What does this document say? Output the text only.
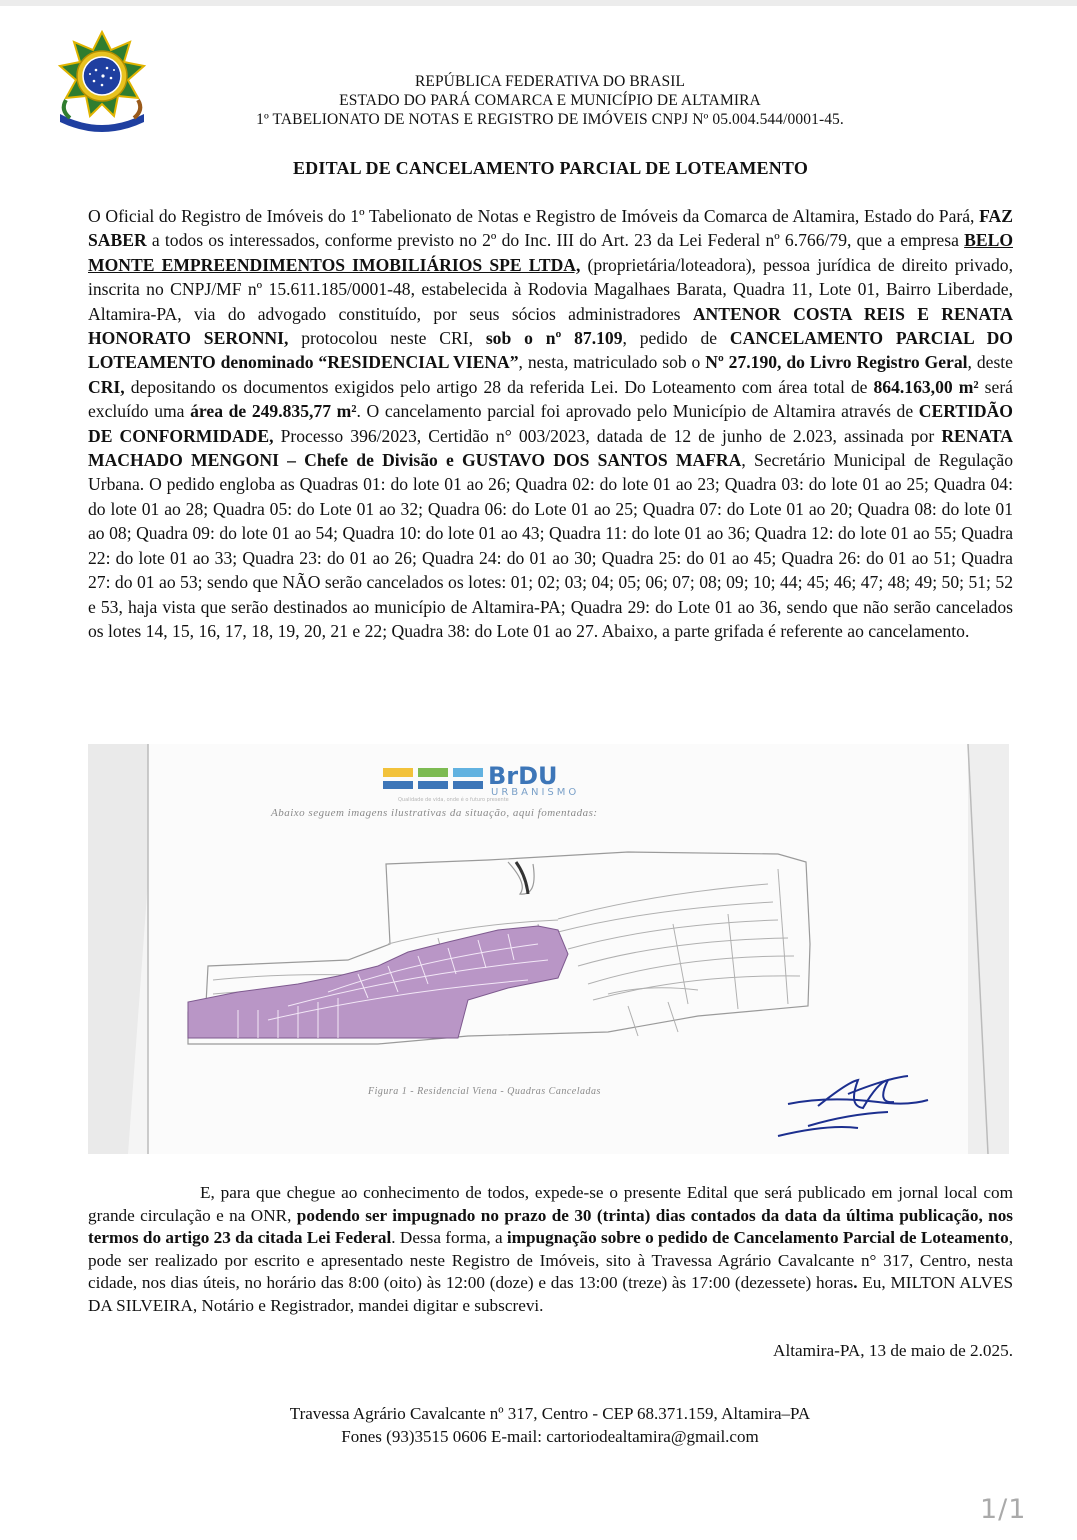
REPÚBLICA FEDERATIVA DO BRASIL
ESTADO DO PARÁ COMARCA E MUNICÍPIO DE ALTAMIRA
1º TABELIONATO DE NOTAS E REGISTRO DE IMÓVEIS CNPJ Nº 05.004.544/0001-45.
EDITAL DE CANCELAMENTO PARCIAL DE LOTEAMENTO
O Oficial do Registro de Imóveis do 1º Tabelionato de Notas e Registro de Imóveis da Comarca de Altamira, Estado do Pará, FAZ SABER a todos os interessados, conforme previsto no 2º do Inc. III do Art. 23 da Lei Federal nº 6.766/79, que a empresa BELO MONTE EMPREENDIMENTOS IMOBILIÁRIOS SPE LTDA, (proprietária/loteadora), pessoa jurídica de direito privado, inscrita no CNPJ/MF nº 15.611.185/0001-48, estabelecida à Rodovia Magalhaes Barata, Quadra 11, Lote 01, Bairro Liberdade, Altamira-PA, via do advogado constituído, por seus sócios administradores ANTENOR COSTA REIS E RENATA HONORATO SERONNI, protocolou neste CRI, sob o nº 87.109, pedido de CANCELAMENTO PARCIAL DO LOTEAMENTO denominado “RESIDENCIAL VIENA”, nesta, matriculado sob o Nº 27.190, do Livro Registro Geral, deste CRI, depositando os documentos exigidos pelo artigo 28 da referida Lei. Do Loteamento com área total de 864.163,00 m² será excluído uma área de 249.835,77 m². O cancelamento parcial foi aprovado pelo Município de Altamira através de CERTIDÃO DE CONFORMIDADE, Processo 396/2023, Certidão n° 003/2023, datada de 12 de junho de 2.023, assinada por RENATA MACHADO MENGONI – Chefe de Divisão e GUSTAVO DOS SANTOS MAFRA, Secretário Municipal de Regulação Urbana. O pedido engloba as Quadras 01: do lote 01 ao 26; Quadra 02: do lote 01 ao 23; Quadra 03: do lote 01 ao 25; Quadra 04: do lote 01 ao 28; Quadra 05: do Lote 01 ao 32; Quadra 06: do Lote 01 ao 25; Quadra 07: do Lote 01 ao 20; Quadra 08: do lote 01 ao 08; Quadra 09: do lote 01 ao 54; Quadra 10: do lote 01 ao 43; Quadra 11: do lote 01 ao 36; Quadra 12: do lote 01 ao 55; Quadra 22: do lote 01 ao 33; Quadra 23: do 01 ao 26; Quadra 24: do 01 ao 30; Quadra 25: do 01 ao 45; Quadra 26: do 01 ao 51; Quadra 27: do 01 ao 53; sendo que NÃO serão cancelados os lotes: 01; 02; 03; 04; 05; 06; 07; 08; 09; 10; 44; 45; 46; 47; 48; 49; 50; 51; 52 e 53, haja vista que serão destinados ao município de Altamira-PA; Quadra 29: do Lote 01 ao 36, sendo que não serão cancelados os lotes 14, 15, 16, 17, 18, 19, 20, 21 e 22; Quadra 38: do Lote 01 ao 27. Abaixo, a parte grifada é referente ao cancelamento.
BrDU
URBANISMO
Qualidade de vida, onde é o futuro presente
Abaixo seguem imagens ilustrativas da situação, aqui fomentadas:
Figura 1 - Residencial Viena - Quadras Canceladas
E, para que chegue ao conhecimento de todos, expede-se o presente Edital que será publicado em jornal local com grande circulação e na ONR, podendo ser impugnado no prazo de 30 (trinta) dias contados da data da última publicação, nos termos do artigo 23 da citada Lei Federal. Dessa forma, a impugnação sobre o pedido de Cancelamento Parcial de Loteamento, pode ser realizado por escrito e apresentado neste Registro de Imóveis, sito à Travessa Agrário Cavalcante n° 317, Centro, nesta cidade, nos dias úteis, no horário das 8:00 (oito) às 12:00 (doze) e das 13:00 (treze) às 17:00 (dezessete) horas. Eu, MILTON ALVES DA SILVEIRA, Notário e Registrador, mandei digitar e subscrevi.
Altamira-PA, 13 de maio de 2.025.
Travessa Agrário Cavalcante nº 317, Centro - CEP 68.371.159, Altamira–PA
Fones (93)3515 0606 E-mail: cartoriodealtamira@gmail.com
1/1
